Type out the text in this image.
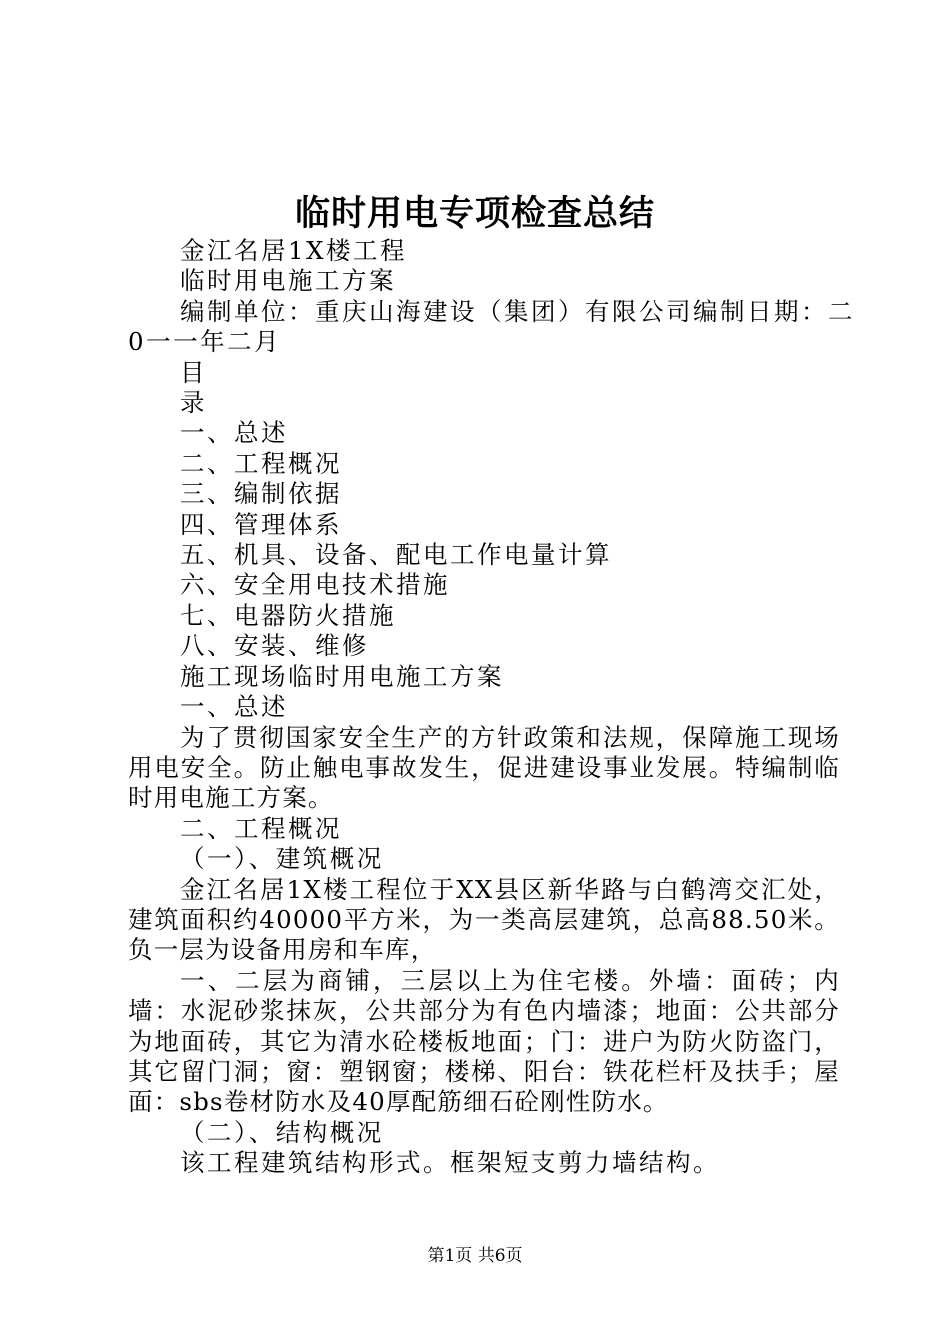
临时用电专项检查总结
金江名居1X楼工程
临时用电施工方案
编制单位：重庆山海建设（集团）有限公司编制日期：二
0一一年二月
目
录
一、总述
二、工程概况
三、编制依据
四、管理体系
五、机具、设备、配电工作电量计算
六、安全用电技术措施
七、电器防火措施
八、安装、维修
施工现场临时用电施工方案
一、总述
为了贯彻国家安全生产的方针政策和法规，保障施工现场用电安全。防止触电事故发生，促进建设事业发展。特编制临时用电施工方案。
二、工程概况
（一）、建筑概况
金江名居1X楼工程位于XX县区新华路与白鹤湾交汇处，建筑面积约40000平方米，为一类高层建筑，总高88.50米。负一层为设备用房和车库，
一、二层为商铺，三层以上为住宅楼。外墙：面砖；内墙：水泥砂浆抹灰，公共部分为有色内墙漆；地面：公共部分为地面砖，其它为清水砼楼板地面；门：进户为防火防盗门，其它留门洞；窗：塑钢窗；楼梯、阳台：铁花栏杆及扶手；屋面：sbs卷材防水及40厚配筋细石砼刚性防水。
（二）、结构概况
该工程建筑结构形式。框架短支剪力墙结构。
第1页 共6页
